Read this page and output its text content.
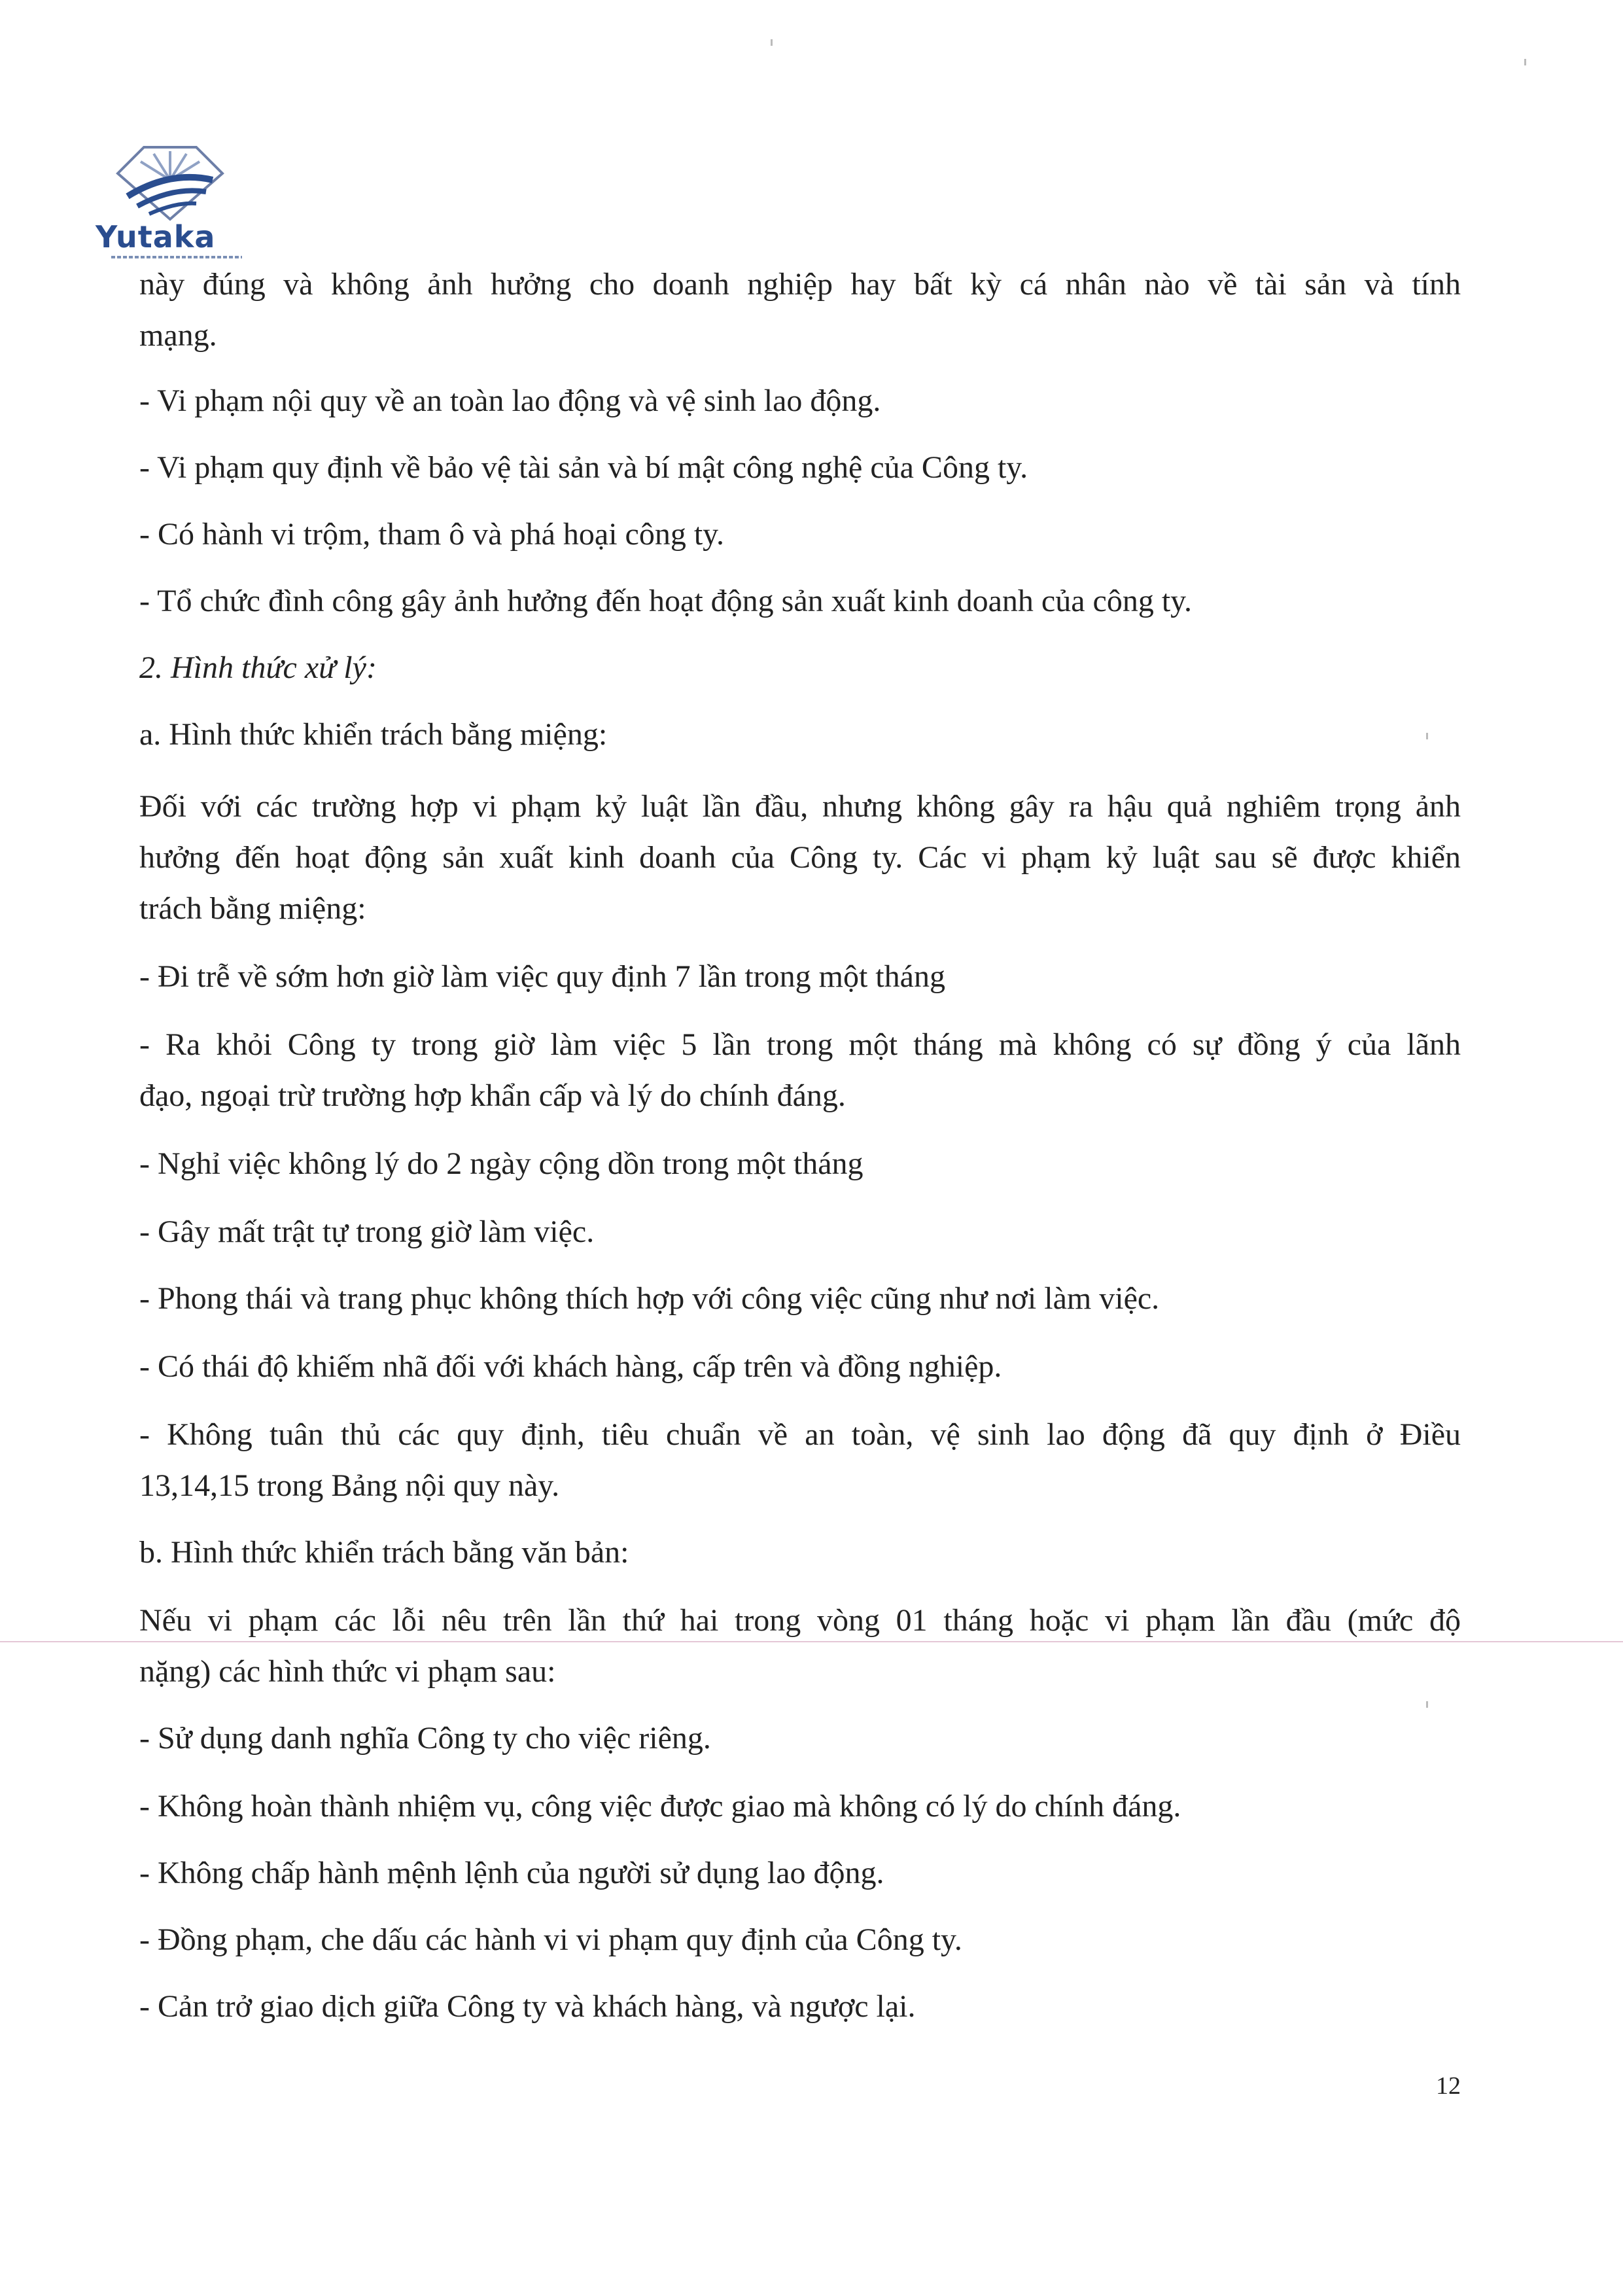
Yutaka
này đúng và không ảnh hưởng cho doanh nghiệp hay bất kỳ cá nhân nào về tài sản và tính
mạng.
- Vi phạm nội quy về an toàn lao động và vệ sinh lao động.
- Vi phạm quy định về bảo vệ tài sản và bí mật công nghệ của Công ty.
- Có hành vi trộm, tham ô và phá hoại công ty.
- Tổ chức đình công gây ảnh hưởng đến hoạt động sản xuất kinh doanh của công ty.
2. Hình thức xử lý:
a. Hình thức khiển trách bằng miệng:
Đối với các trường hợp vi phạm kỷ luật lần đầu, nhưng không gây ra hậu quả nghiêm trọng ảnh
hưởng đến hoạt động sản xuất kinh doanh của Công ty. Các vi phạm kỷ luật sau sẽ được khiển
trách bằng miệng:
- Đi trễ về sớm hơn giờ làm việc quy định 7 lần trong một tháng
- Ra khỏi Công ty trong giờ làm việc 5 lần trong một tháng mà không có sự đồng ý của lãnh
đạo, ngoại trừ trường hợp khẩn cấp và lý do chính đáng.
- Nghỉ việc không lý do 2 ngày cộng dồn trong một tháng
- Gây mất trật tự trong giờ làm việc.
- Phong thái và trang phục không thích hợp với công việc cũng như nơi làm việc.
- Có thái độ khiếm nhã đối với khách hàng, cấp trên và đồng nghiệp.
- Không tuân thủ các quy định, tiêu chuẩn về an toàn, vệ sinh lao động đã quy định ở Điều
13,14,15 trong Bảng nội quy này.
b. Hình thức khiển trách bằng văn bản:
Nếu vi phạm các lỗi nêu trên lần thứ hai trong vòng 01 tháng hoặc vi phạm lần đầu (mức độ
nặng) các hình thức vi phạm sau:
- Sử dụng danh nghĩa Công ty cho việc riêng.
- Không hoàn thành nhiệm vụ, công việc được giao mà không có lý do chính đáng.
- Không chấp hành mệnh lệnh của người sử dụng lao động.
- Đồng phạm, che dấu các hành vi vi phạm quy định của Công ty.
- Cản trở giao dịch giữa Công ty và khách hàng, và ngược lại.
12
